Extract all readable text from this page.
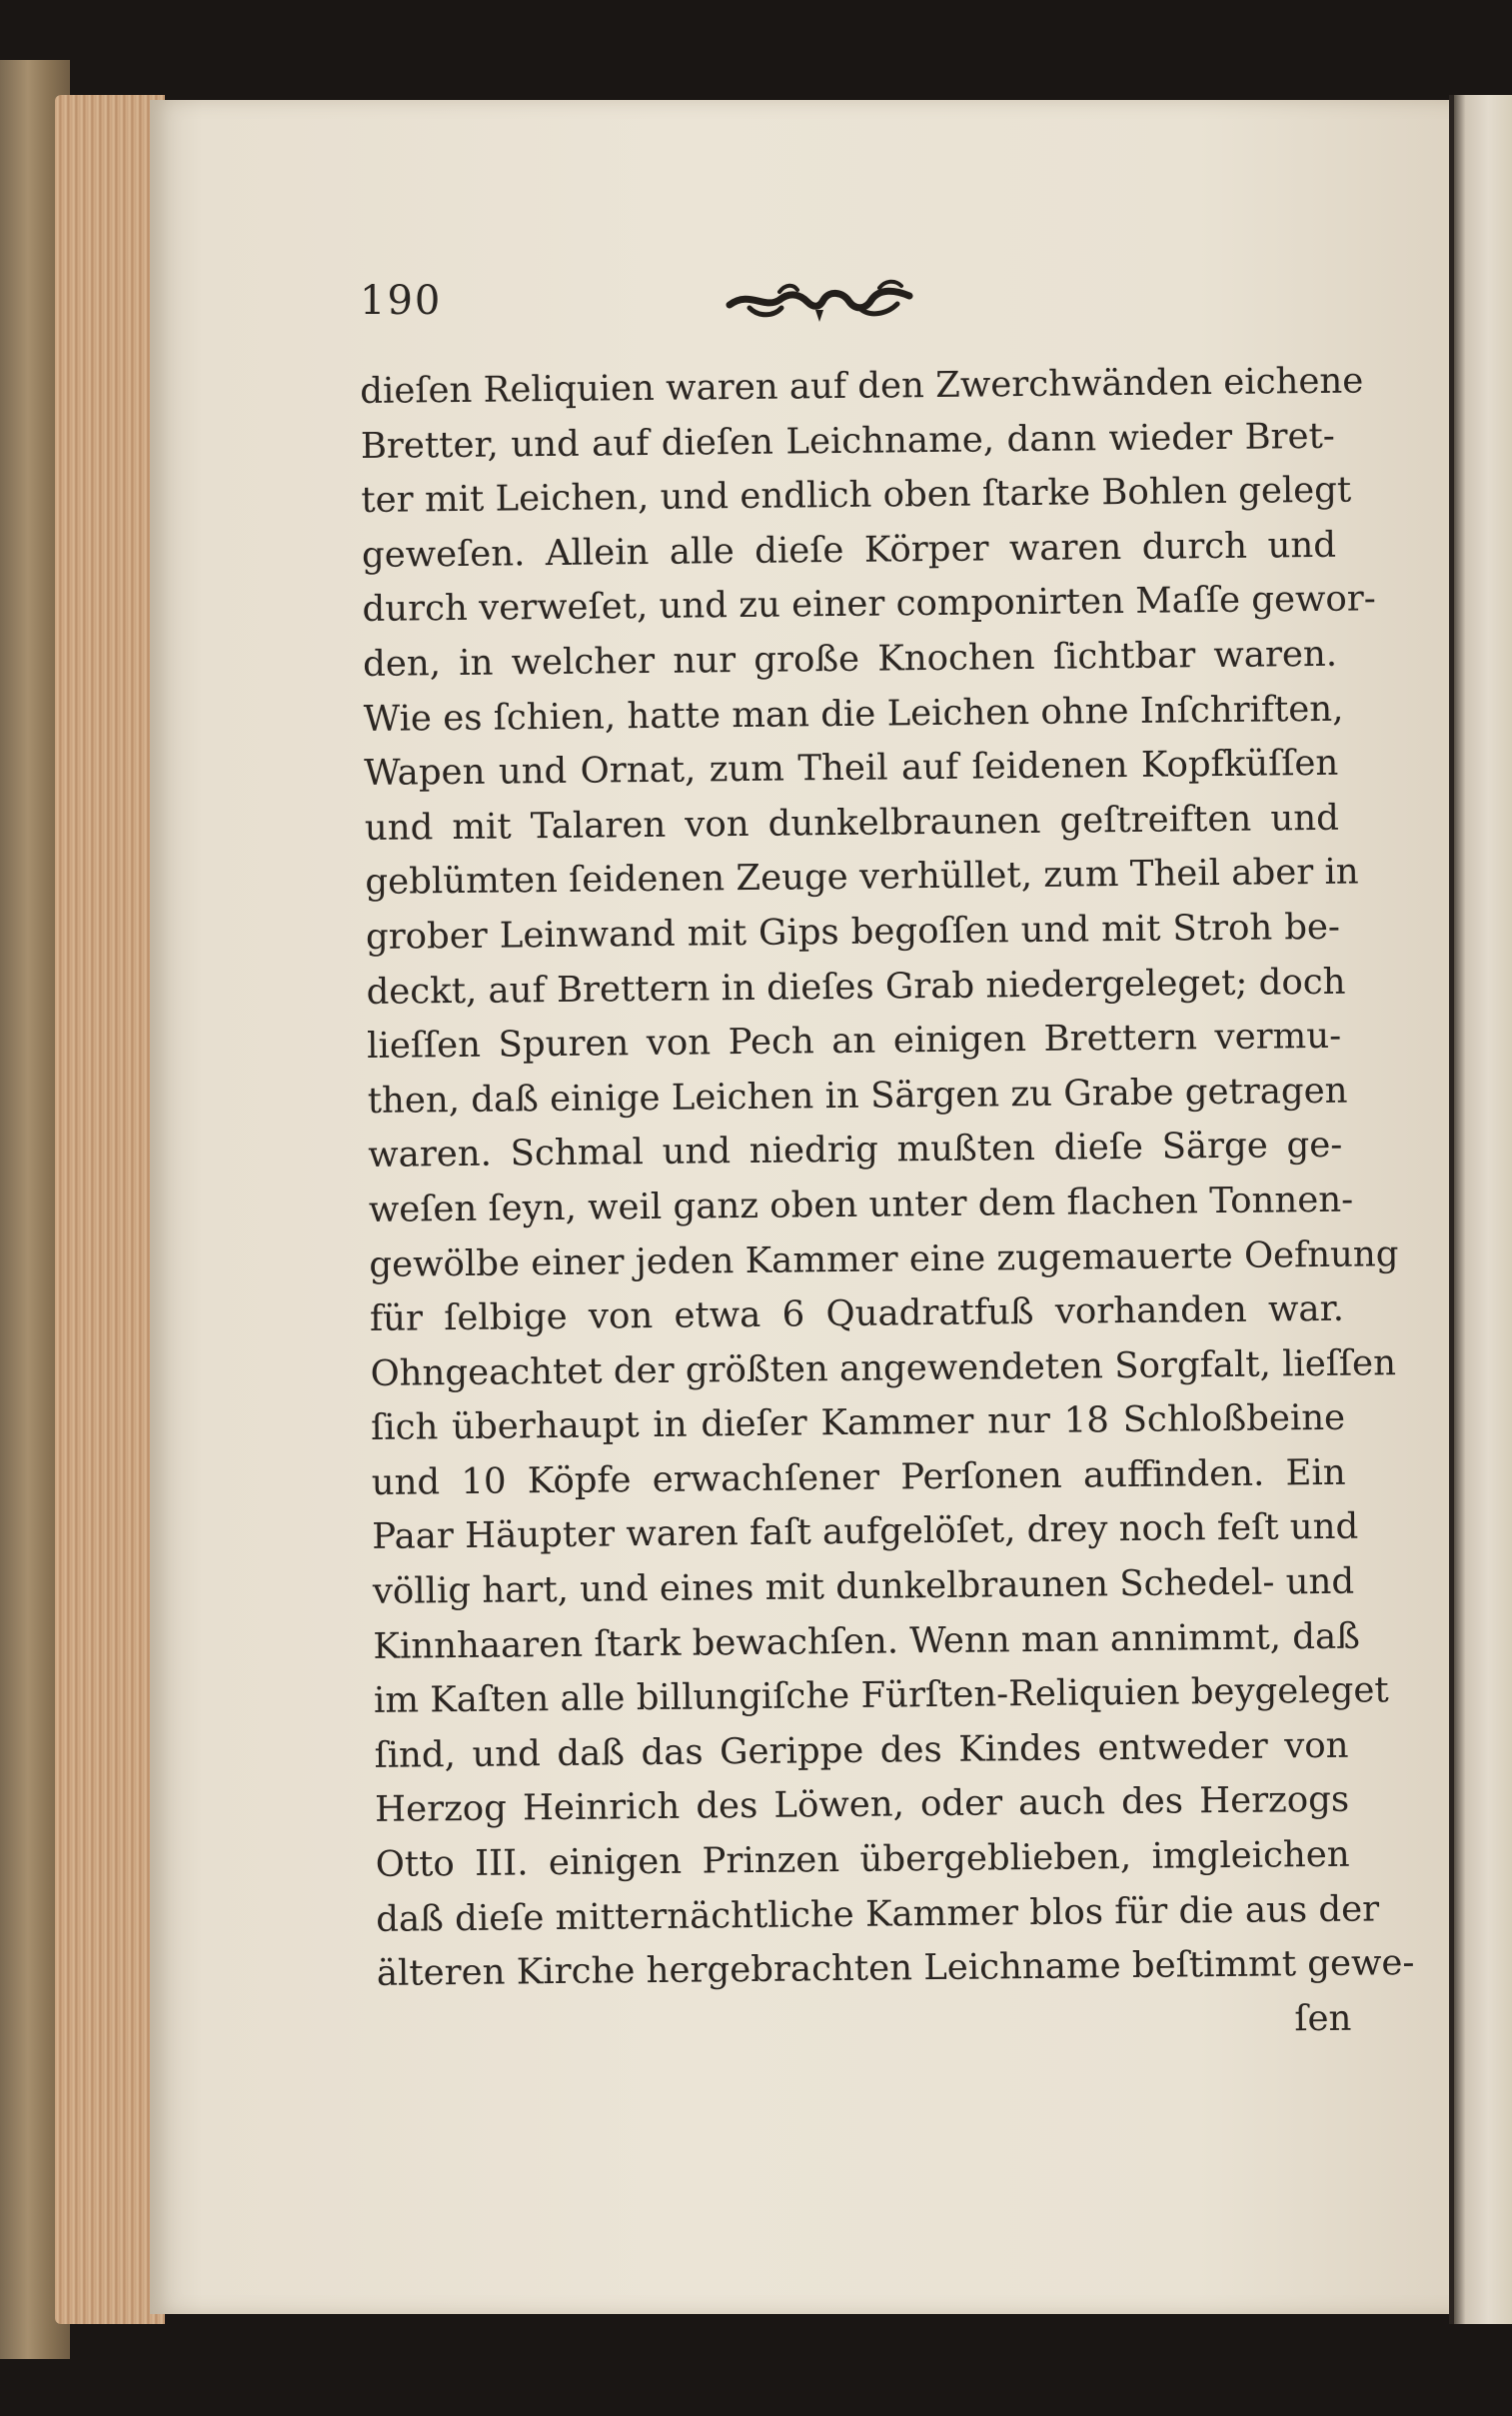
190
dieſen Reliquien waren auf den Zwerchwänden eichene
Bretter, und auf dieſen Leichname, dann wieder Bret-
ter mit Leichen, und endlich oben ſtarke Bohlen gelegt
geweſen. Allein alle dieſe Körper waren durch und
durch verweſet, und zu einer componirten Maſſe gewor-
den, in welcher nur große Knochen ſichtbar waren.
Wie es ſchien, hatte man die Leichen ohne Inſchriften,
Wapen und Ornat, zum Theil auf ſeidenen Kopfküſſen
und mit Talaren von dunkelbraunen geſtreiften und
geblümten ſeidenen Zeuge verhüllet, zum Theil aber in
grober Leinwand mit Gips begoſſen und mit Stroh be-
deckt, auf Brettern in dieſes Grab niedergeleget; doch
lieſſen Spuren von Pech an einigen Brettern vermu-
then, daß einige Leichen in Särgen zu Grabe getragen
waren. Schmal und niedrig mußten dieſe Särge ge-
weſen ſeyn, weil ganz oben unter dem flachen Tonnen-
gewölbe einer jeden Kammer eine zugemauerte Oefnung
für ſelbige von etwa 6 Quadratfuß vorhanden war.
Ohngeachtet der größten angewendeten Sorgfalt, lieſſen
ſich überhaupt in dieſer Kammer nur 18 Schloßbeine
und 10 Köpfe erwachſener Perſonen auffinden. Ein
Paar Häupter waren faſt aufgelöſet, drey noch feſt und
völlig hart, und eines mit dunkelbraunen Schedel- und
Kinnhaaren ſtark bewachſen. Wenn man annimmt, daß
im Kaſten alle billungiſche Fürſten-Reliquien beygeleget
ſind, und daß das Gerippe des Kindes entweder von
Herzog Heinrich des Löwen, oder auch des Herzogs
Otto III. einigen Prinzen übergeblieben, imgleichen
daß dieſe mitternächtliche Kammer blos für die aus der
älteren Kirche hergebrachten Leichname beſtimmt gewe-
ſen
